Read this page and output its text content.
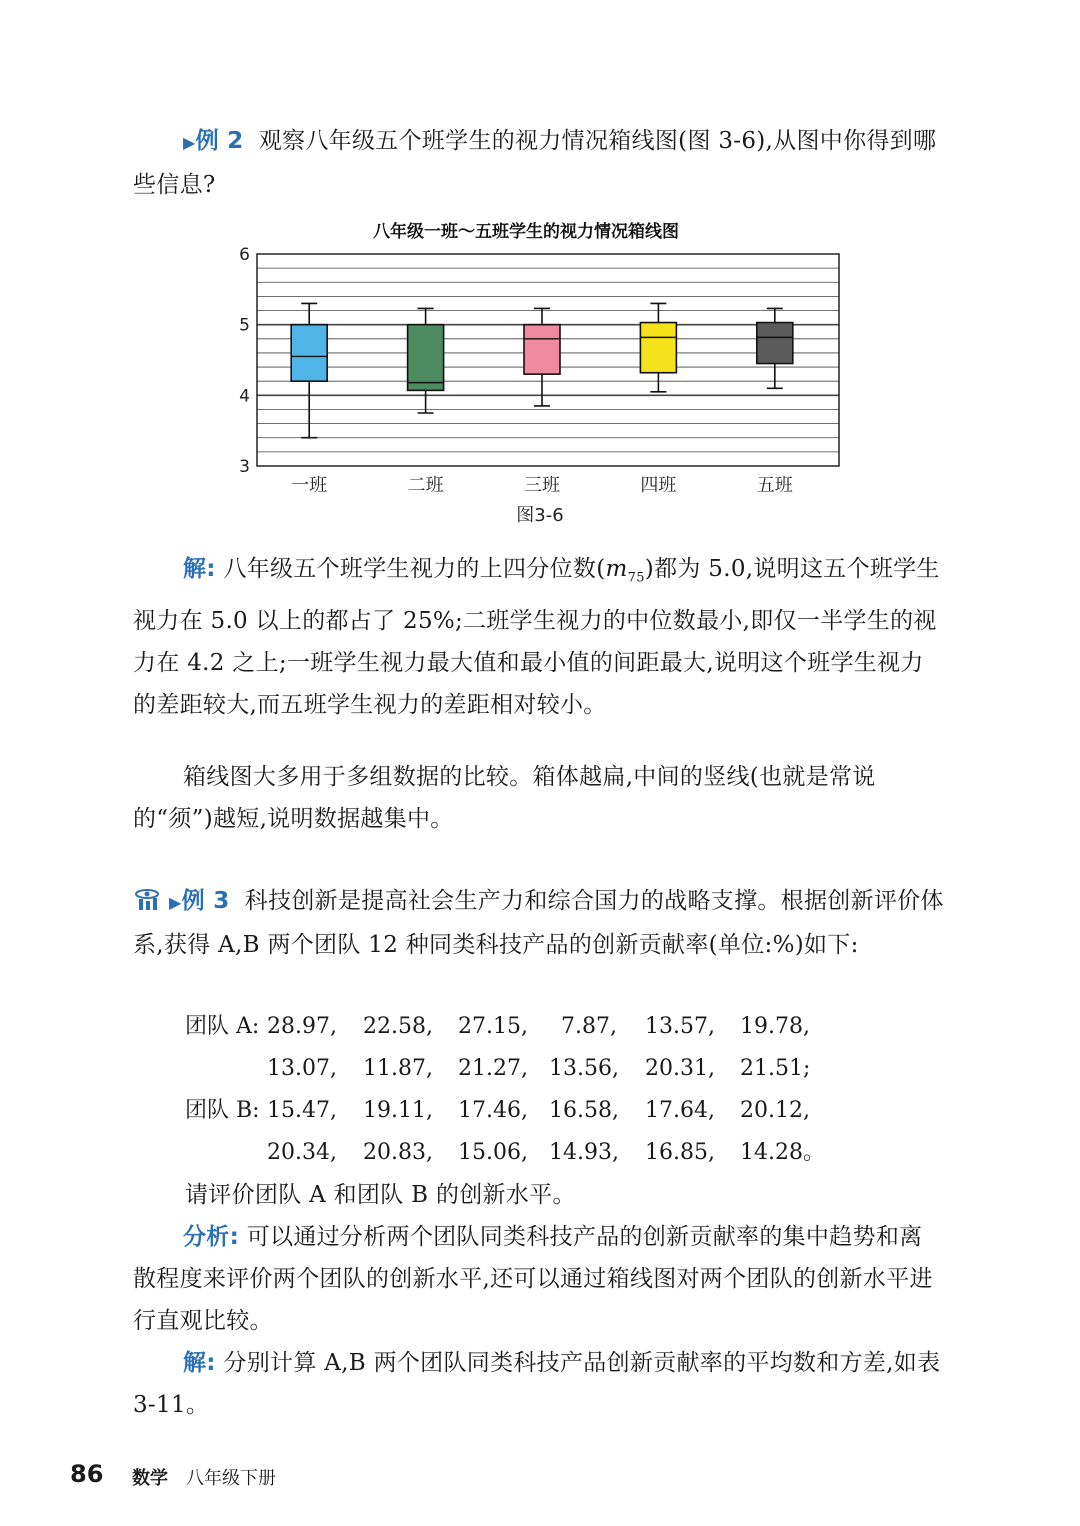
▶例 2 观察八年级五个班学生的视力情况箱线图(图 3-6),从图中你得到哪些信息?

八年级一班～五班学生的视力情况箱线图
3
4
5
6
一班	二班	三班	四班	五班
图3-6

解: 八年级五个班学生视力的上四分位数$(m_{75})$都为 5.0,说明这五个班学生视力在 5.0 以上的都占了 25%;二班学生视力的中位数最小,即仅一半学生的视力在 4.2 之上;一班学生视力最大值和最小值的间距最大,说明这个班学生视力的差距较大,而五班学生视力的差距相对较小。

箱线图大多用于多组数据的比较。箱体越扁,中间的竖线(也就是常说的“须”)越短,说明数据越集中。

▶例 3 科技创新是提高社会生产力和综合国力的战略支撑。根据创新评价体系,获得 A,B 两个团队 12 种同类科技产品的创新贡献率(单位:%)如下:

团队 A: 28.97, 22.58, 27.15, 7.87, 13.57, 19.78,
13.07, 11.87, 21.27, 13.56, 20.31, 21.51;
团队 B: 15.47, 19.11, 17.46, 16.58, 17.64, 20.12,
20.34, 20.83, 15.06, 14.93, 16.85, 14.28。

请评价团队 A 和团队 B 的创新水平。

分析: 可以通过分析两个团队同类科技产品的创新贡献率的集中趋势和离散程度来评价两个团队的创新水平,还可以通过箱线图对两个团队的创新水平进行直观比较。

解: 分别计算 A,B 两个团队同类科技产品创新贡献率的平均数和方差,如表 3-11。

86 数学 八年级下册
